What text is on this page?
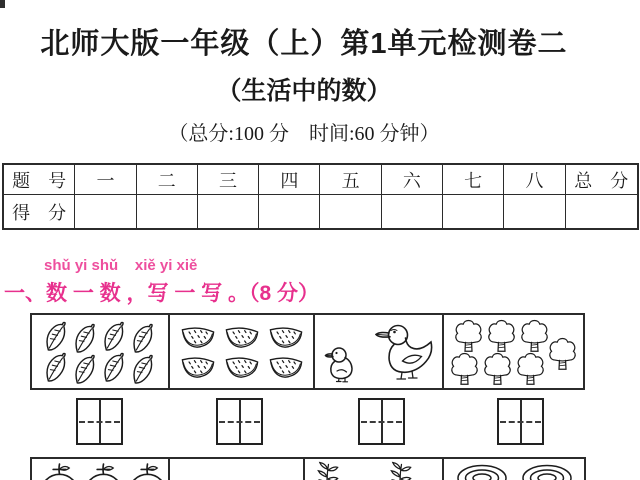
北师大版一年级（上）第1单元检测卷二
（生活中的数）
（总分:100 分　时间:60 分钟）
题　号	一	二	三	四	五	六	七	八	总　分
得　分									
shǔ yi shǔ    xiě yi xiě
一、数 一 数 ，写 一 写 。（8 分）
